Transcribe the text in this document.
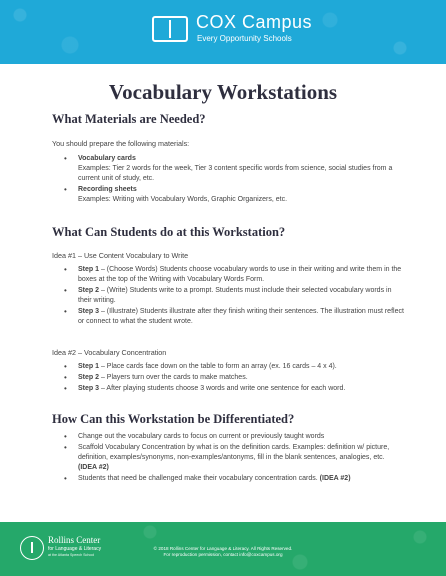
COX Campus
Every Opportunity Schools
Vocabulary Workstations
What Materials are Needed?
You should prepare the following materials:
• Vocabulary cards
Examples: Tier 2 words for the week, Tier 3 content specific words from science, social studies from a current unit of study, etc.
• Recording sheets
Examples: Writing with Vocabulary Words, Graphic Organizers, etc.
What Can Students do at this Workstation?
Idea #1 – Use Content Vocabulary to Write
• Step 1 – (Choose Words) Students choose vocabulary words to use in their writing and write them in the boxes at the top of the Writing with Vocabulary Words Form.
• Step 2 – (Write) Students write to a prompt. Students must include their selected vocabulary words in their writing.
• Step 3 – (Illustrate) Students illustrate after they finish writing their sentences. The illustration must reflect or connect to what the student wrote.
Idea #2 – Vocabulary Concentration
• Step 1 – Place cards face down on the table to form an array (ex. 16 cards – 4 x 4).
• Step 2 – Players turn over the cards to make matches.
• Step 3 – After playing students choose 3 words and write one sentence for each word.
How Can this Workstation be Differentiated?
• Change out the vocabulary cards to focus on current or previously taught words
• Scaffold Vocabulary Concentration by what is on the definition cards. Examples: definition w/ picture, definition, examples/synonyms, non-examples/antonyms, fill in the blank sentences, analogies, etc. (IDEA #2)
• Students that need be challenged make their vocabulary concentration cards. (IDEA #2)
Rollins Center
for Language & Literacy
at the Atlanta Speech School
© 2018 Rollins Center for Language & Literacy. All Rights Reserved.
For reproduction permission, contact info@coxcampus.org
